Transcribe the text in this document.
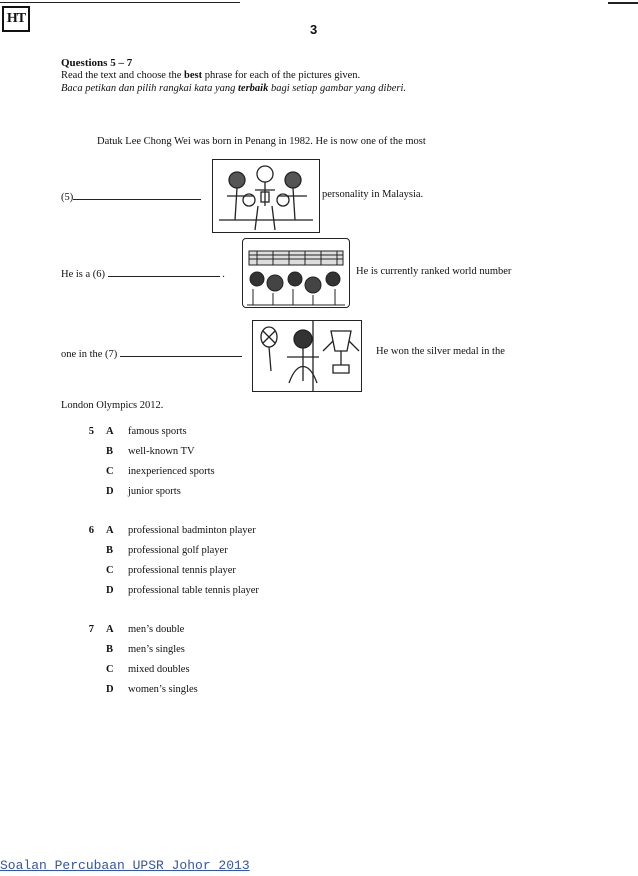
HT
3
Questions 5 – 7
Read the text and choose the best phrase for each of the pictures given.
Baca petikan dan pilih rangkai kata yang terbaik bagi setiap gambar yang diberi.
Datuk Lee Chong Wei was born in Penang in 1982. He is now one of the most
(5)	personality in Malaysia.
He is a (6)	.	He is currently ranked world number
one in the (7)	He won the silver medal in the
London Olympics 2012.
5 A	famous sports
B	well-known TV
C	inexperienced sports
D	junior sports
6 A	professional badminton player
B	professional golf player
C	professional tennis player
D	professional table tennis player
7 A	men’s double
B	men’s singles
C	mixed doubles
D	women’s singles
Soalan Percubaan UPSR Johor 2013
